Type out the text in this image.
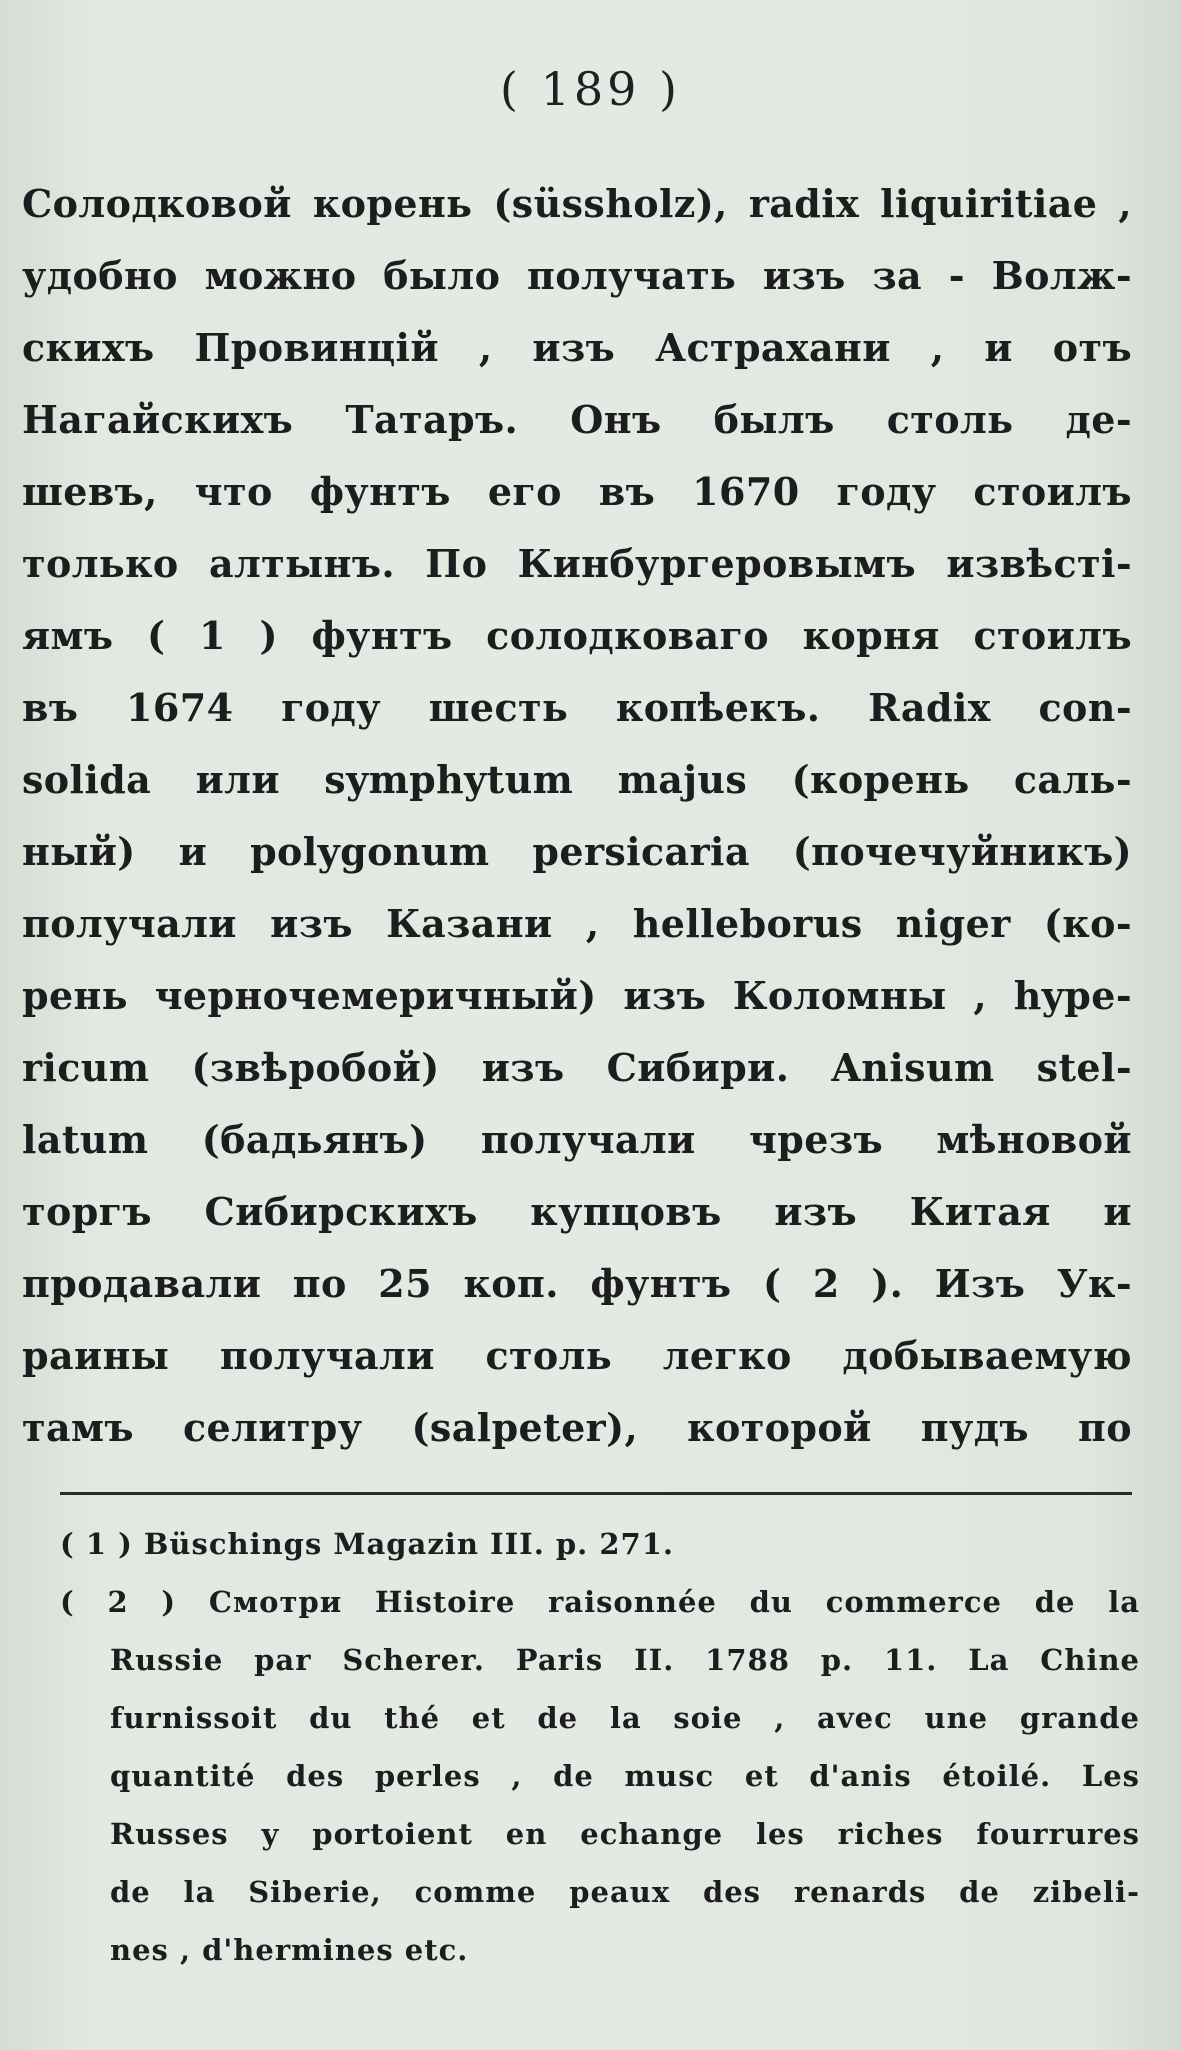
( 189 )
Солодковой корень (süssholz), radix liquiritiae ,
удобно можно было получать изъ за - Волж-
скихъ Провинцій , изъ Астрахани , и отъ
Нагайскихъ Татаръ. Онъ былъ столь де-
шевъ, что фунтъ его въ 1670 году стоилъ
только алтынъ. По Кинбургеровымъ извѣсті-
ямъ ( 1 ) фунтъ солодковаго корня стоилъ
въ 1674 году шесть копѣекъ. Radix con-
solida или symphytum majus (корень саль-
ный) и polygonum persicaria (почечуйникъ)
получали изъ Казани , helleborus niger (ко-
рень черночемеричный) изъ Коломны , hype-
ricum (звѣробой) изъ Сибири. Anisum stel-
latum (бадьянъ) получали чрезъ мѣновой
торгъ Сибирскихъ купцовъ изъ Китая и
продавали по 25 коп. фунтъ ( 2 ). Изъ Ук-
раины получали столь легко добываемую
тамъ селитру (salpeter), которой пудъ по
( 1 ) Büschings Magazin III. p. 271.
( 2 ) Смотри Histoire raisonnée du commerce de la
Russie par Scherer. Paris II. 1788 p. 11. La Chine
furnissoit du thé et de la soie , avec une grande
quantité des perles , de musc et d'anis étoilé. Les
Russes y portoient en echange les riches fourrures
de la Siberie, comme peaux des renards de zibeli-
nes , d'hermines etc.
